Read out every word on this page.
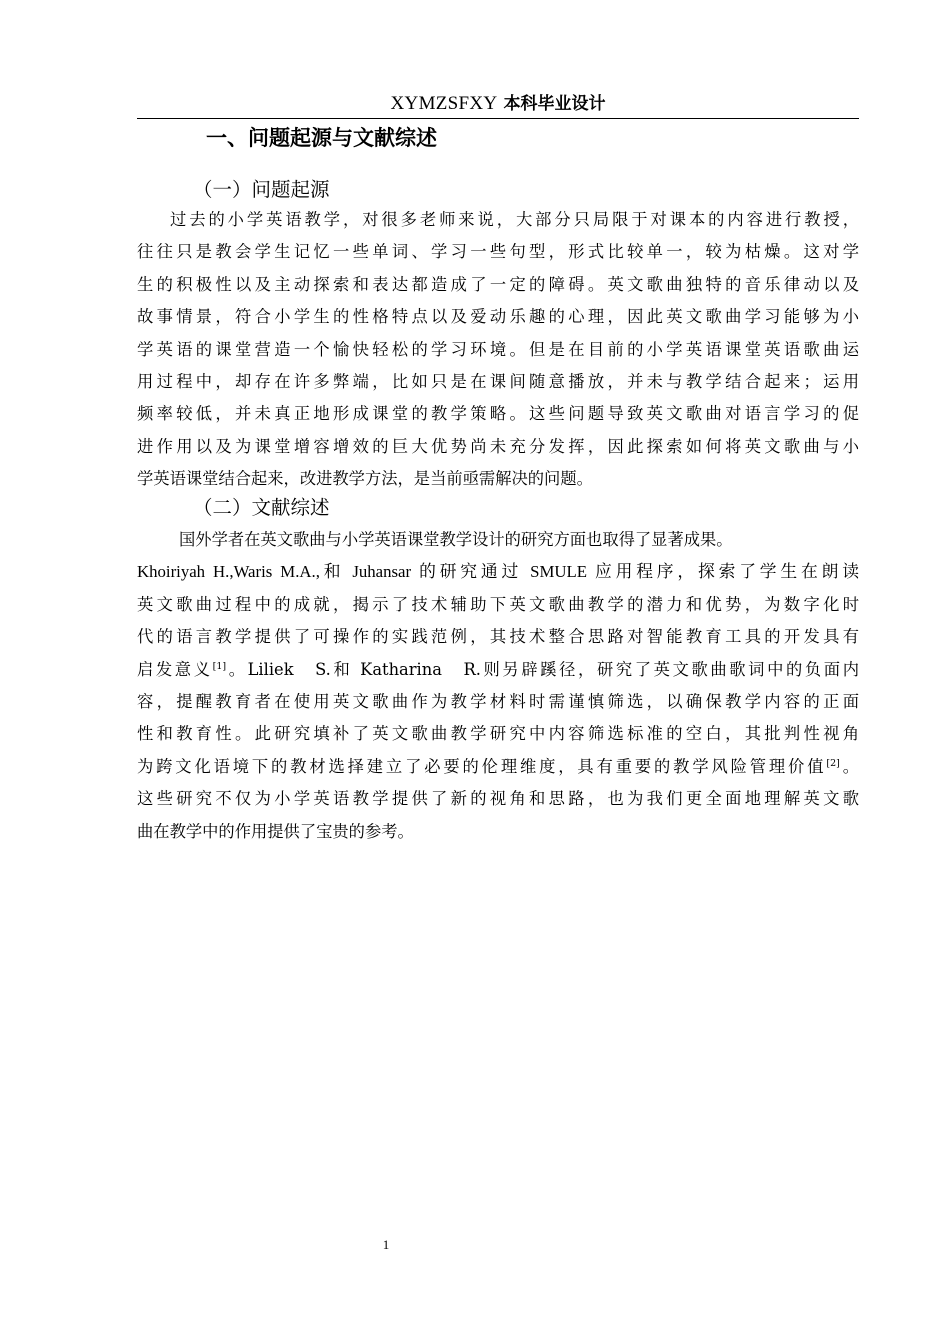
XYMZSFXY 本科毕业设计
一、问题起源与文献综述
（一）问题起源
过去的小学英语教学，对很多老师来说，大部分只局限于对课本的内容进行教授，
往往只是教会学生记忆一些单词、学习一些句型，形式比较单一，较为枯燥。这对学
生的积极性以及主动探索和表达都造成了一定的障碍。英文歌曲独特的音乐律动以及
故事情景，符合小学生的性格特点以及爱动乐趣的心理，因此英文歌曲学习能够为小
学英语的课堂营造一个愉快轻松的学习环境。但是在目前的小学英语课堂英语歌曲运
用过程中，却存在许多弊端，比如只是在课间随意播放，并未与教学结合起来；运用
频率较低，并未真正地形成课堂的教学策略。这些问题导致英文歌曲对语言学习的促
进作用以及为课堂增容增效的巨大优势尚未充分发挥，因此探索如何将英文歌曲与小
学英语课堂结合起来，改进教学方法，是当前亟需解决的问题。
（二）文献综述
国外学者在英文歌曲与小学英语课堂教学设计的研究方面也取得了显著成果。
Khoiriyah H.,Waris M.A.,和 Juhansar 的研究通过 SMULE 应用程序，探索了学生在朗读
英文歌曲过程中的成就，揭示了技术辅助下英文歌曲教学的潜力和优势，为数字化时
代的语言教学提供了可操作的实践范例，其技术整合思路对智能教育工具的开发具有
启发意义[1]。Liliek　S.和 Katharina　R.则另辟蹊径，研究了英文歌曲歌词中的负面内
容，提醒教育者在使用英文歌曲作为教学材料时需谨慎筛选，以确保教学内容的正面
性和教育性。此研究填补了英文歌曲教学研究中内容筛选标准的空白，其批判性视角
为跨文化语境下的教材选择建立了必要的伦理维度，具有重要的教学风险管理价值[2]。
这些研究不仅为小学英语教学提供了新的视角和思路，也为我们更全面地理解英文歌
曲在教学中的作用提供了宝贵的参考。
1
